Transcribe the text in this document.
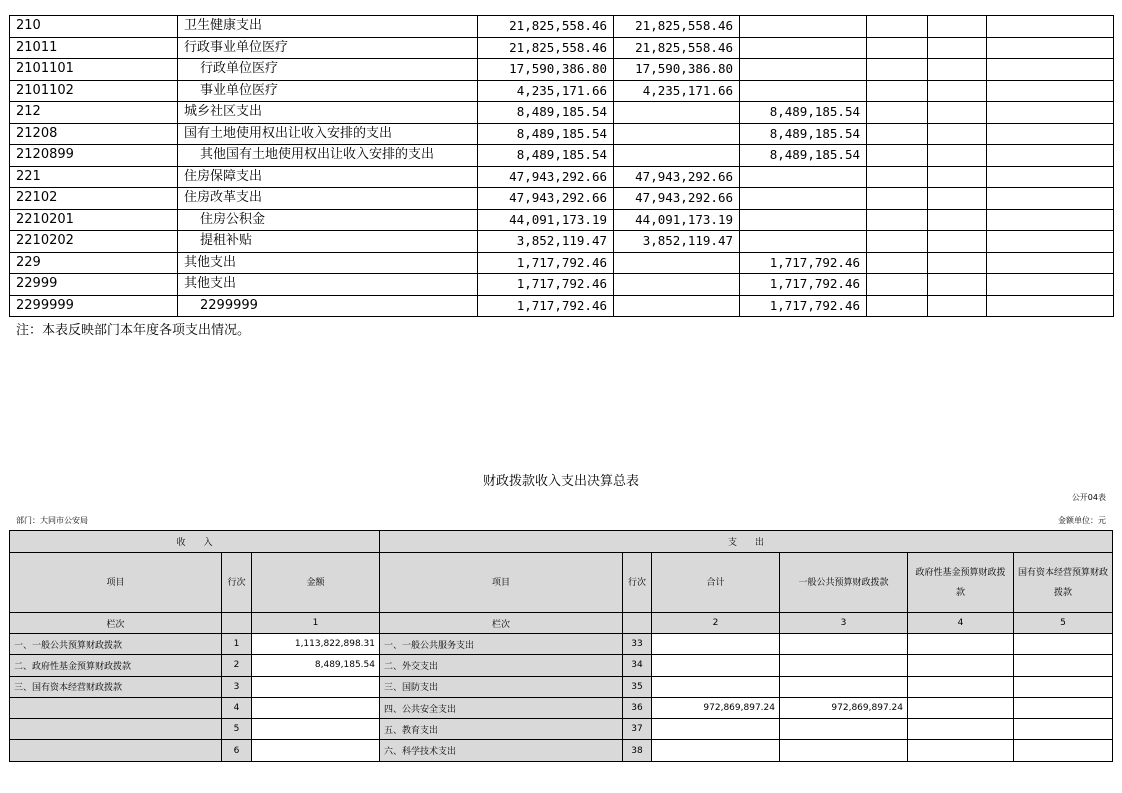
210	卫生健康支出	21,825,558.46	21,825,558.46				
21011	行政事业单位医疗	21,825,558.46	21,825,558.46				
2101101	行政单位医疗	17,590,386.80	17,590,386.80				
2101102	事业单位医疗	4,235,171.66	4,235,171.66				
212	城乡社区支出	8,489,185.54		8,489,185.54			
21208	国有土地使用权出让收入安排的支出	8,489,185.54		8,489,185.54			
2120899	其他国有土地使用权出让收入安排的支出	8,489,185.54		8,489,185.54			
221	住房保障支出	47,943,292.66	47,943,292.66				
22102	住房改革支出	47,943,292.66	47,943,292.66				
2210201	住房公积金	44,091,173.19	44,091,173.19				
2210202	提租补贴	3,852,119.47	3,852,119.47				
229	其他支出	1,717,792.46		1,717,792.46			
22999	其他支出	1,717,792.46		1,717,792.46			
2299999	2299999	1,717,792.46		1,717,792.46			
注：本表反映部门本年度各项支出情况。
财政拨款收入支出决算总表
公开04表
部门：大同市公安局	金额单位：元
收　　入			支　　出					
项目	行次	金额	项目	行次	合计	一般公共预算财政拨款	政府性基金预算财政拨款	国有资本经营预算财政拨款
栏次		1	栏次		2	3	4	5
一、一般公共预算财政拨款	1	1,113,822,898.31	一、一般公共服务支出	33				
二、政府性基金预算财政拨款	2	8,489,185.54	二、外交支出	34				
三、国有资本经营财政拨款	3		三、国防支出	35				
	4		四、公共安全支出	36	972,869,897.24	972,869,897.24		
	5		五、教育支出	37				
	6		六、科学技术支出	38				
